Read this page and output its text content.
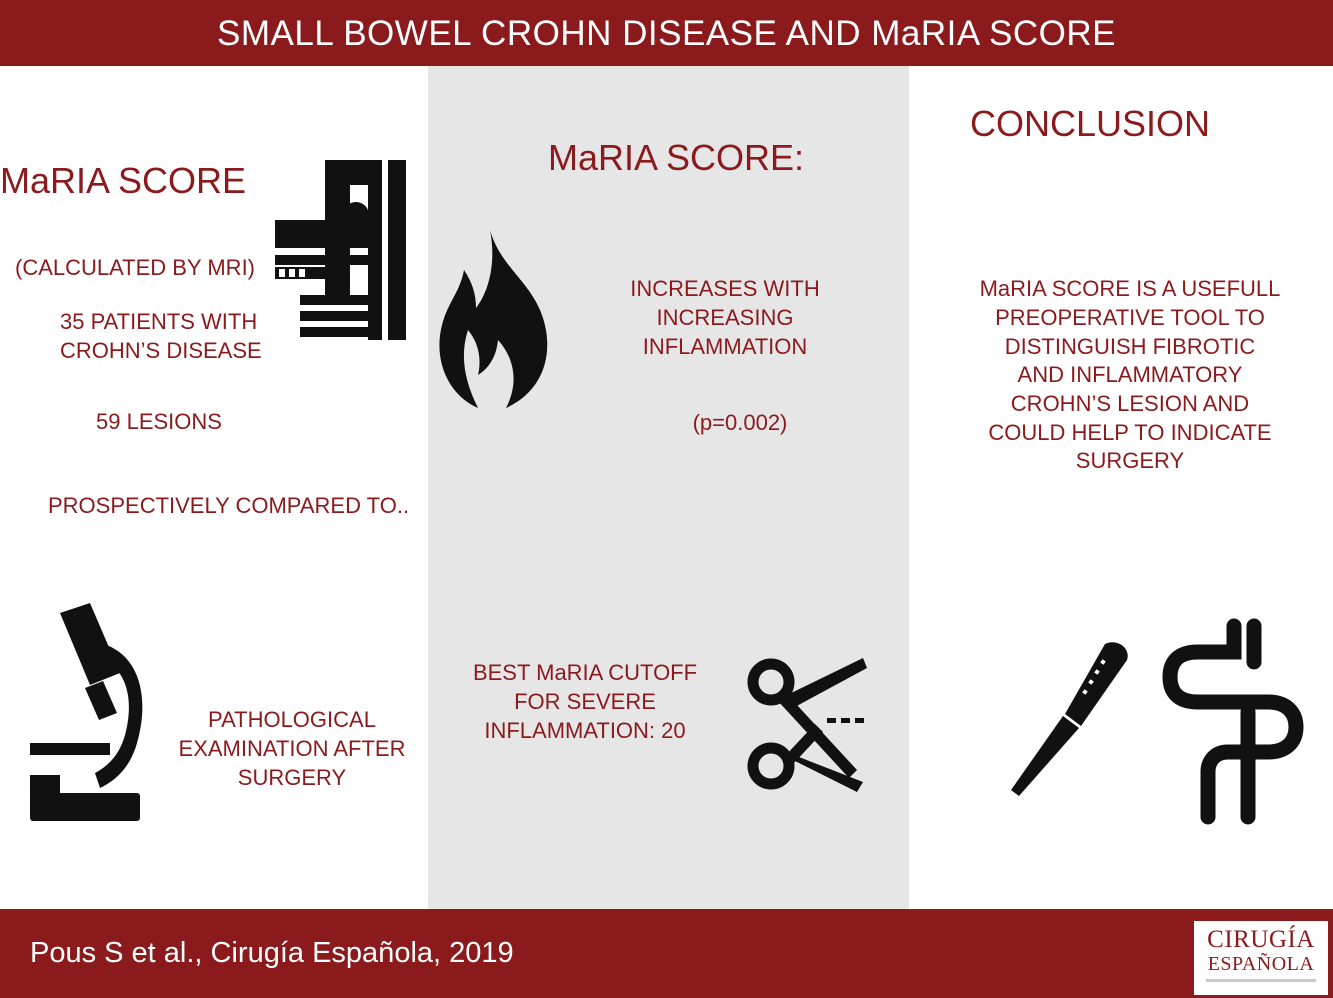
SMALL BOWEL CROHN DISEASE AND MaRIA SCORE
MaRIA SCORE
(CALCULATED BY MRI)
35 PATIENTS WITH
CROHN’S DISEASE
59 LESIONS
PROSPECTIVELY COMPARED TO..
PATHOLOGICAL
EXAMINATION AFTER
SURGERY
MaRIA SCORE:
INCREASES WITH
INCREASING
INFLAMMATION
(p=0.002)
BEST MaRIA CUTOFF
FOR SEVERE
INFLAMMATION: 20
CONCLUSION
MaRIA SCORE IS A USEFULL
PREOPERATIVE TOOL TO
DISTINGUISH FIBROTIC
AND INFLAMMATORY
CROHN’S LESION AND
COULD HELP TO INDICATE
SURGERY
Pous S et al., Cirugía Española, 2019	CIRUGÍA
ESPAÑOLA
